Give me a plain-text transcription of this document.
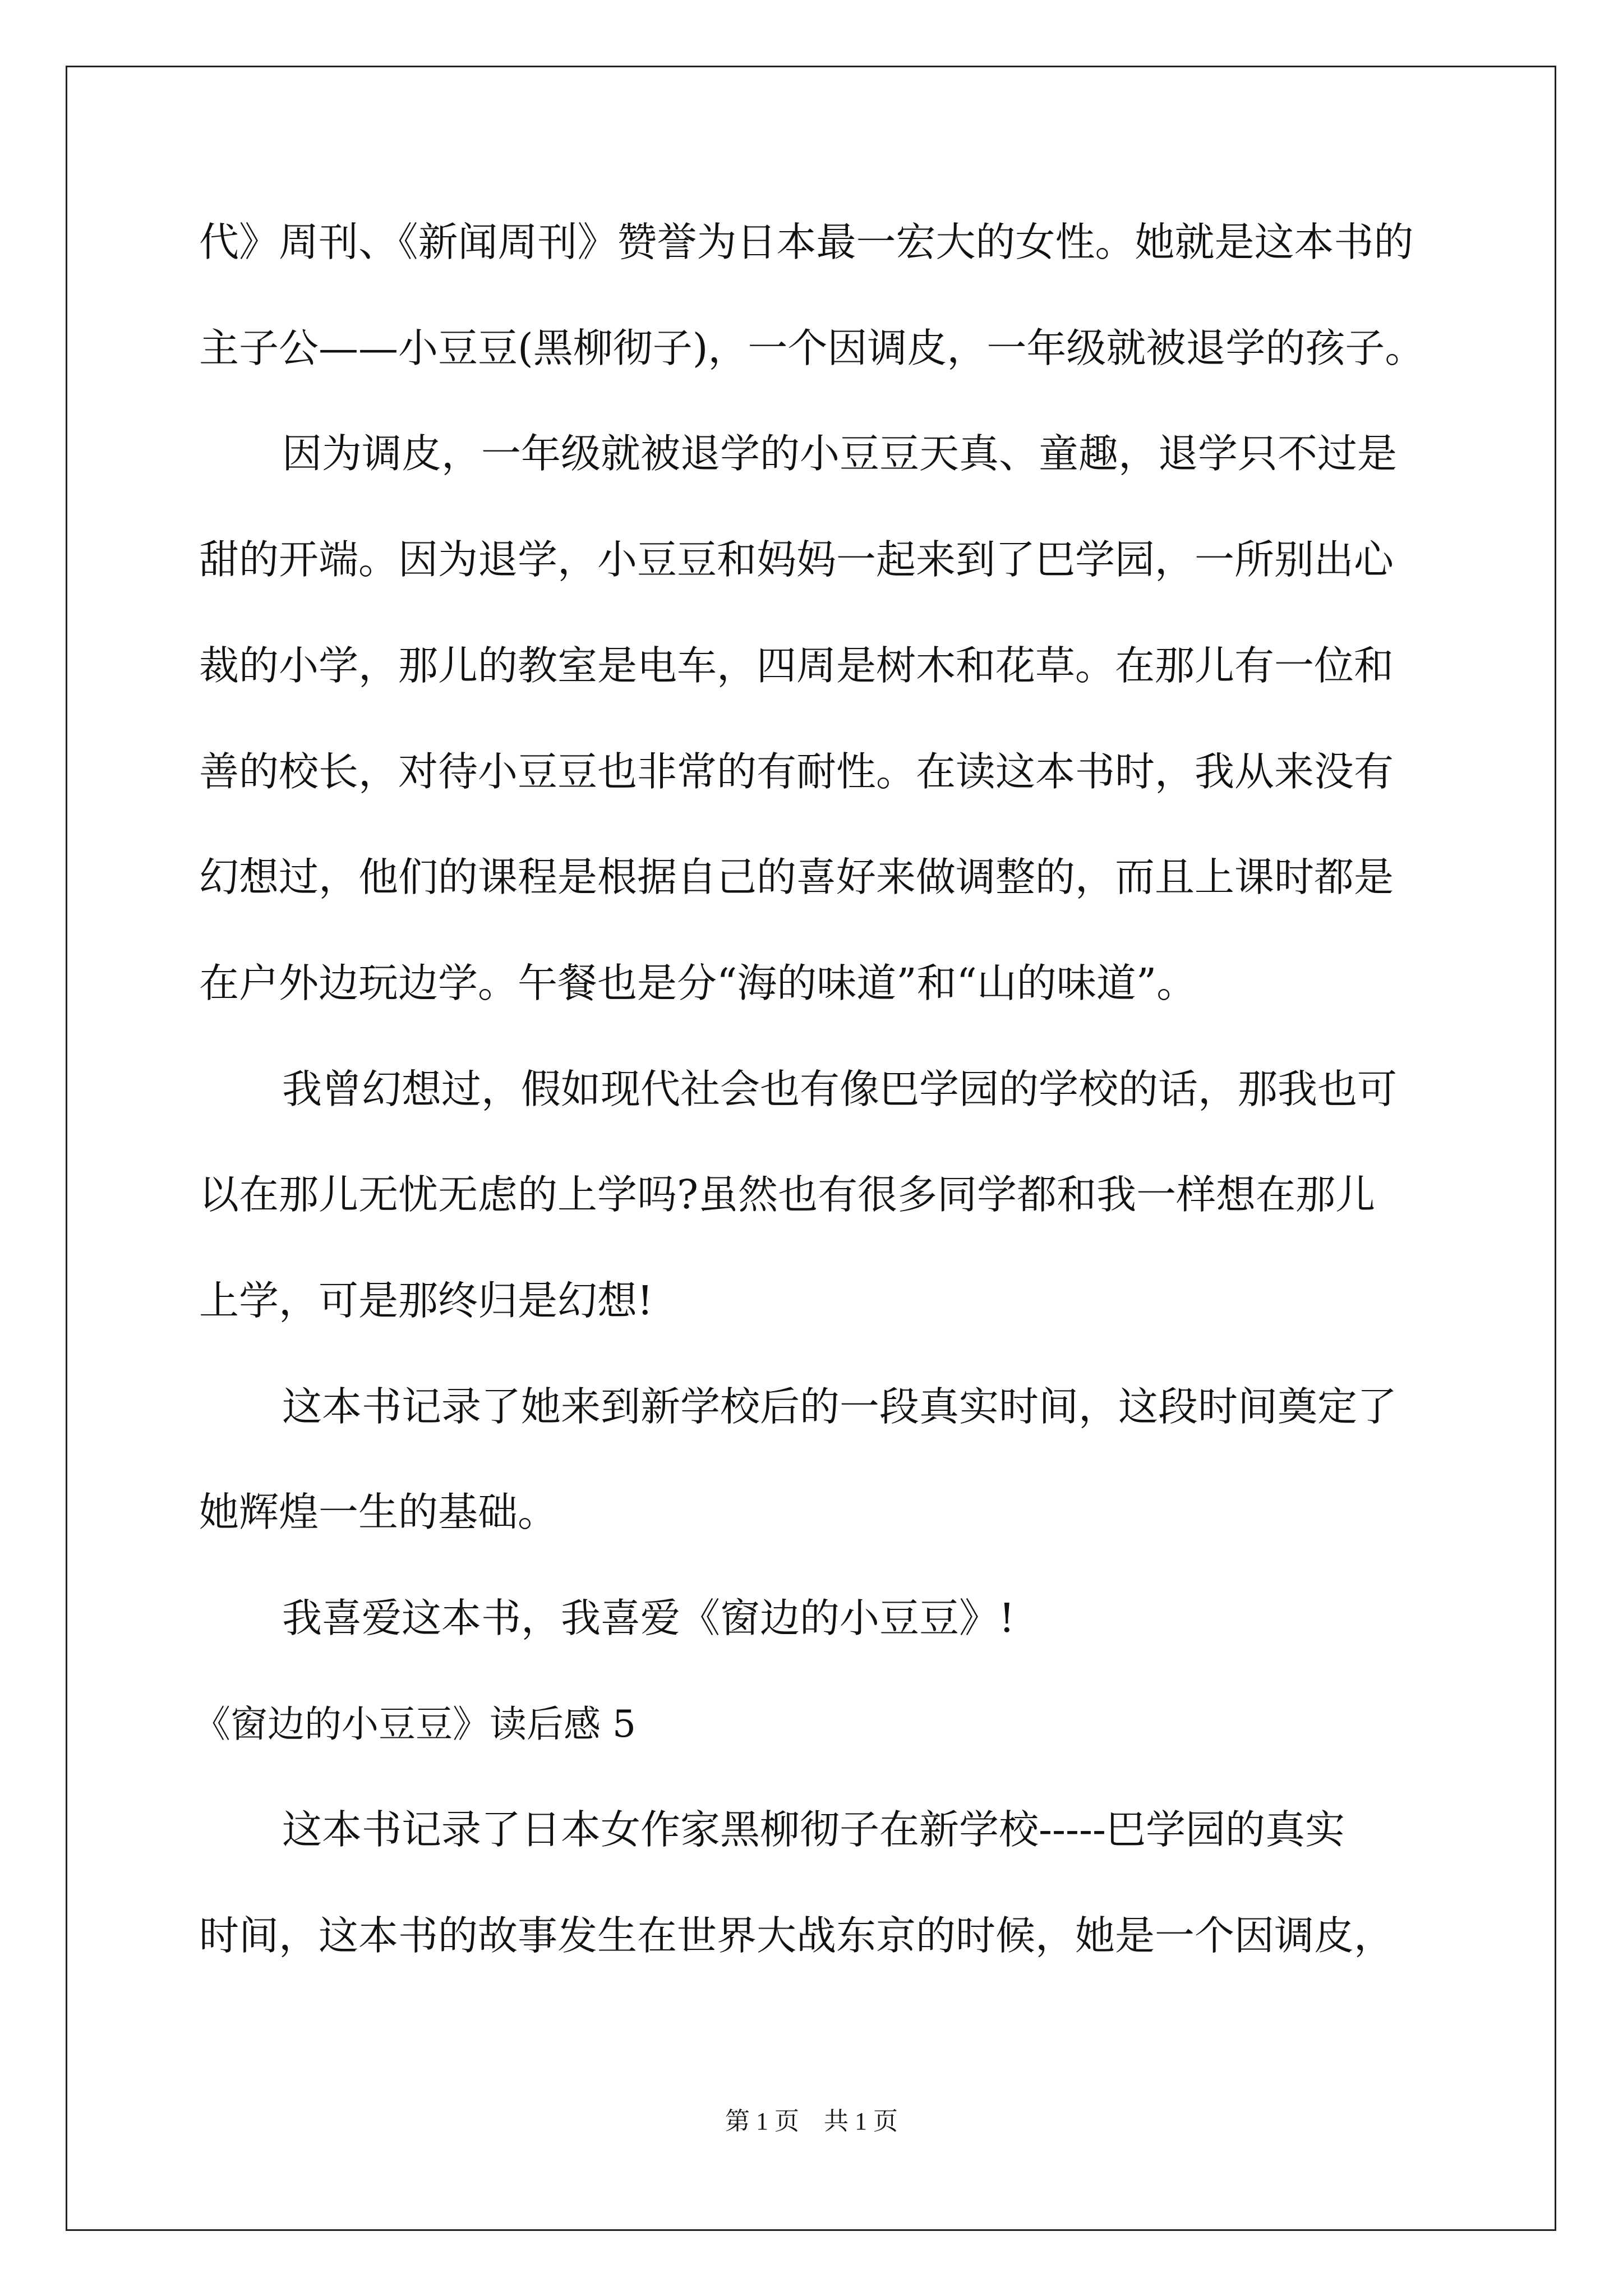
代》周刊、《新闻周刊》赞誉为日本最一宏大的女性。她就是这本书的
主子公——小豆豆(黑柳彻子)，一个因调皮，一年级就被退学的孩子。
因为调皮，一年级就被退学的小豆豆天真、童趣，退学只不过是
甜的开端。因为退学，小豆豆和妈妈一起来到了巴学园，一所别出心
裁的小学，那儿的教室是电车，四周是树木和花草。在那儿有一位和
善的校长，对待小豆豆也非常的有耐性。在读这本书时，我从来没有
幻想过，他们的课程是根据自己的喜好来做调整的，而且上课时都是
在户外边玩边学。午餐也是分“海的味道”和“山的味道”。
我曾幻想过，假如现代社会也有像巴学园的学校的话，那我也可
以在那儿无忧无虑的上学吗?虽然也有很多同学都和我一样想在那儿
上学，可是那终归是幻想!
这本书记录了她来到新学校后的一段真实时间，这段时间奠定了
她辉煌一生的基础。
我喜爱这本书，我喜爱《窗边的小豆豆》!
《窗边的小豆豆》读后感 5
这本书记录了日本女作家黑柳彻子在新学校-----巴学园的真实
时间，这本书的故事发生在世界大战东京的时候，她是一个因调皮，
第 1 页　共 1 页
